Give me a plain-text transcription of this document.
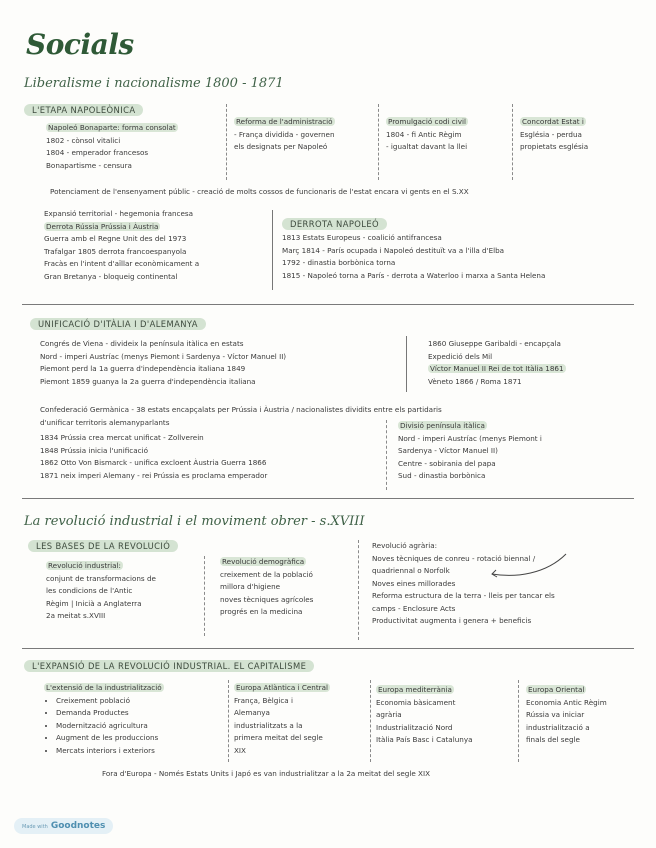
Socials
Liberalisme i nacionalisme 1800 - 1871
L'ETAPA NAPOLEÒNICA
Napoleó Bonaparte: forma consolat
1802 - cònsol vitalici
1804 - emperador francesos
Bonapartisme - censura
Reforma de l'administració
- França dividida - governen
els designats per Napoleó
Promulgació codi civil
1804 - fi Antic Règim
- igualtat davant la llei
Concordat Estat i
Església - perdua
propietats església
Potenciament de l'ensenyament públic - creació de molts cossos de funcionaris de l'estat encara vi gents en el S.XX
Expansió territorial - hegemonia francesa
Derrota Rússia Prússia i Àustria
Guerra amb el Regne Unit des del 1973
Trafalgar 1805 derrota francoespanyola
Fracàs en l'intent d'aïllar econòmicament a
Gran Bretanya - bloqueig continental
DERROTA NAPOLEÓ
1813 Estats Europeus - coalició antifrancesa
Març 1814 - París ocupada i Napoleó destituït va a l'illa d'Elba
1792 - dinastia borbònica torna
1815 - Napoleó torna a París - derrota a Waterloo i marxa a Santa Helena
UNIFICACIÓ D'ITÀLIA I D'ALEMANYA
Congrés de Viena - divideix la península itàlica en estats
Nord - imperi Austríac (menys Piemont i Sardenya - Víctor Manuel II)
Piemont perd la 1a guerra d'independència italiana 1849
Piemont 1859 guanya la 2a guerra d'independència italiana
1860 Giuseppe Garibaldi - encapçala
Expedició dels Mil
Víctor Manuel II Rei de tot Itàlia 1861
Vèneto 1866 / Roma 1871
Confederació Germànica - 38 estats encapçalats per Prússia i Àustria / nacionalistes dividits entre els partidaris
d'unificar territoris alemanyparlants
1834 Prússia crea mercat unificat - Zollverein
1848 Prússia inicia l'unificació
1862 Otto Von Bismarck - unifica excloent Àustria Guerra 1866
1871 neix imperi Alemany - rei Prússia es proclama emperador
Divisió península itàlica
Nord - imperi Austríac (menys Piemont i
Sardenya - Víctor Manuel II)
Centre - sobirania del papa
Sud - dinastia borbònica
La revolució industrial i el moviment obrer - s.XVIII
LES BASES DE LA REVOLUCIÓ
Revolució industrial:
conjunt de transformacions de
les condicions de l'Antic
Règim | Inicià a Anglaterra
2a meitat s.XVIII
Revolució demogràfica
creixement de la població
millora d'higiene
noves tècniques agrícoles
progrés en la medicina
Revolució agrària:
Noves tècniques de conreu - rotació biennal /
quadriennal o Norfolk
Noves eines millorades
Reforma estructura de la terra - lleis per tancar els
camps - Enclosure Acts
Productivitat augmenta i genera + beneficis
L'EXPANSIÓ DE LA REVOLUCIÓ INDUSTRIAL. EL CAPITALISME
L'extensió de la industrialització
• Creixement població
• Demanda Productes
• Modernització agricultura
• Augment de les produccions
• Mercats interiors i exteriors
Europa Atlàntica i Central
França, Bèlgica i
Alemanya
industrialitzats a la
primera meitat del segle
XIX
Europa mediterrània
Economia bàsicament
agrària
Industrialització Nord
Itàlia País Basc i Catalunya
Europa Oriental
Economia Antic Règim
Rússia va iniciar
industrialització a
finals del segle
Fora d'Europa - Només Estats Units i Japó es van industrialitzar a la 2a meitat del segle XIX
Made with Goodnotes
